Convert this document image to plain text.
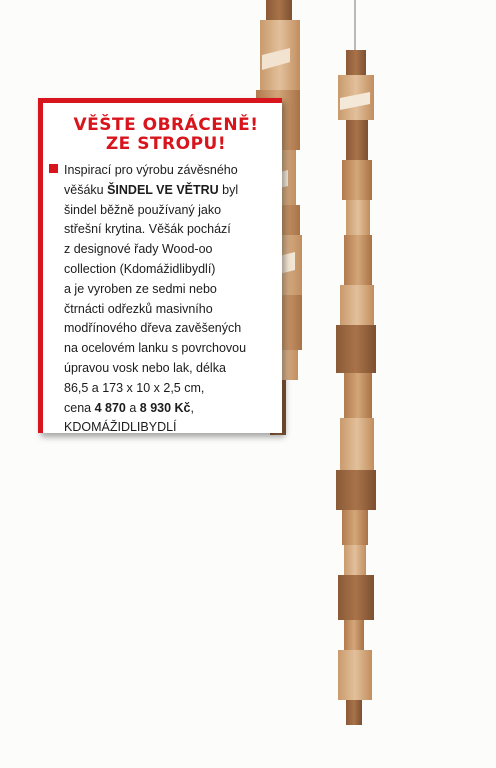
VĚŠTE OBRÁCENĚ!
ZE STROPU!
Inspirací pro výrobu závěsného
věšáku ŠINDEL VE VĚTRU byl
šindel běžně používaný jako
střešní krytina. Věšák pochází
z designové řady Wood-oo
collection (Kdomážidlibydlí)
a je vyroben ze sedmi nebo
čtrnácti odřezků masivního
modřínového dřeva zavěšených
na ocelovém lanku s povrchovou
úpravou vosk nebo lak, délka
86,5 a 173 x 10 x 2,5 cm,
cena 4 870 a 8 930 Kč,
KDOMÁŽIDLIBYDLÍ
